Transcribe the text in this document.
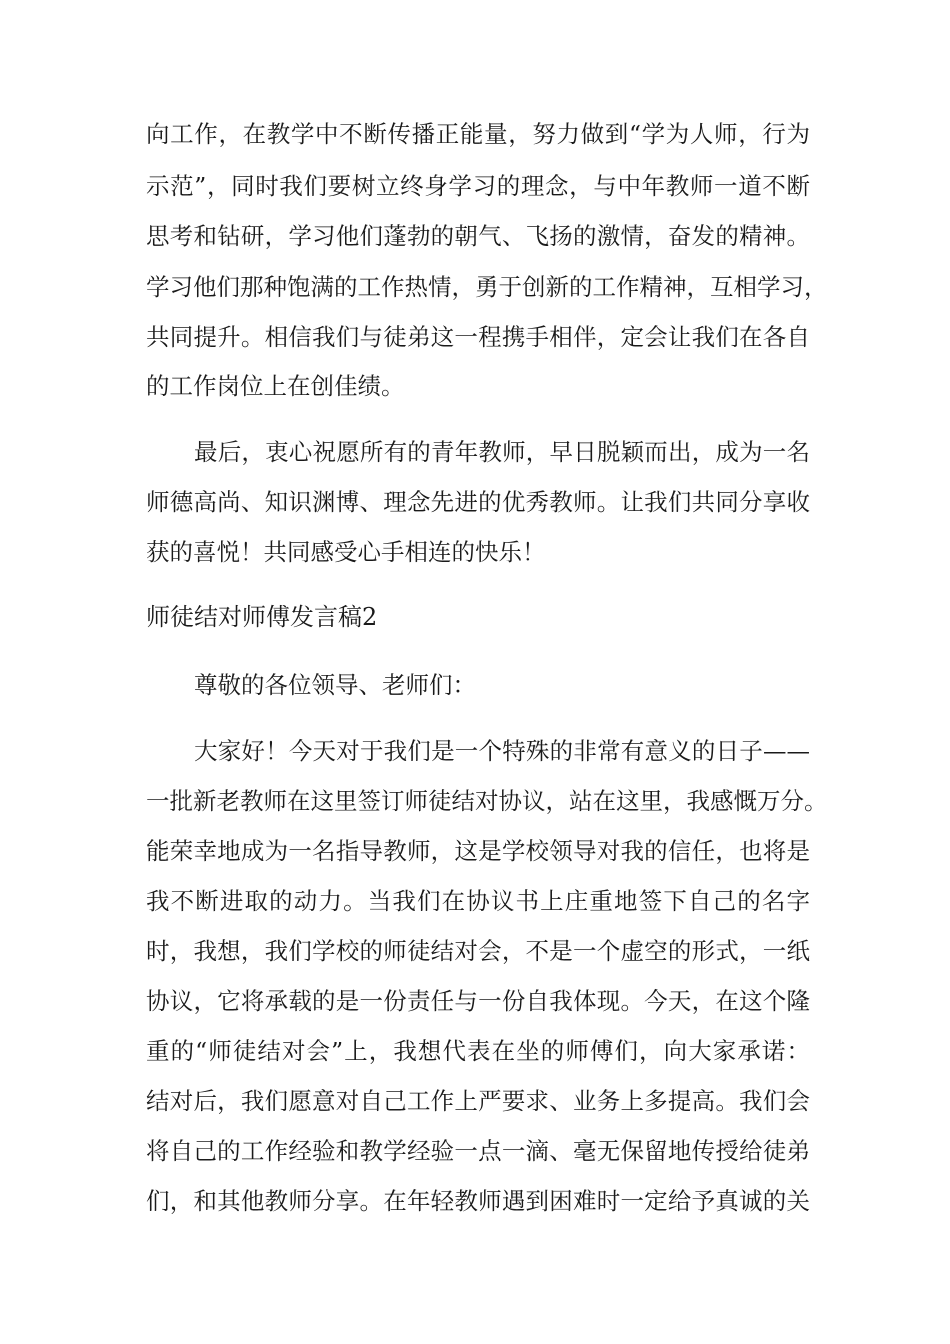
向工作，在教学中不断传播正能量，努力做到“学为人师，行为
示范”，同时我们要树立终身学习的理念，与中年教师一道不断
思考和钻研，学习他们蓬勃的朝气、飞扬的激情，奋发的精神。
学习他们那种饱满的工作热情，勇于创新的工作精神，互相学习，
共同提升。相信我们与徒弟这一程携手相伴，定会让我们在各自
的工作岗位上在创佳绩。
最后，衷心祝愿所有的青年教师，早日脱颖而出，成为一名
师德高尚、知识渊博、理念先进的优秀教师。让我们共同分享收
获的喜悦！共同感受心手相连的快乐！
师徒结对师傅发言稿2
尊敬的各位领导、老师们：
大家好！今天对于我们是一个特殊的非常有意义的日子——
一批新老教师在这里签订师徒结对协议，站在这里，我感慨万分。
能荣幸地成为一名指导教师，这是学校领导对我的信任，也将是
我不断进取的动力。当我们在协议书上庄重地签下自己的名字
时，我想，我们学校的师徒结对会，不是一个虚空的形式，一纸
协议，它将承载的是一份责任与一份自我体现。今天，在这个隆
重的“师徒结对会”上，我想代表在坐的师傅们，向大家承诺：
结对后，我们愿意对自己工作上严要求、业务上多提高。我们会
将自己的工作经验和教学经验一点一滴、毫无保留地传授给徒弟
们，和其他教师分享。在年轻教师遇到困难时一定给予真诚的关
